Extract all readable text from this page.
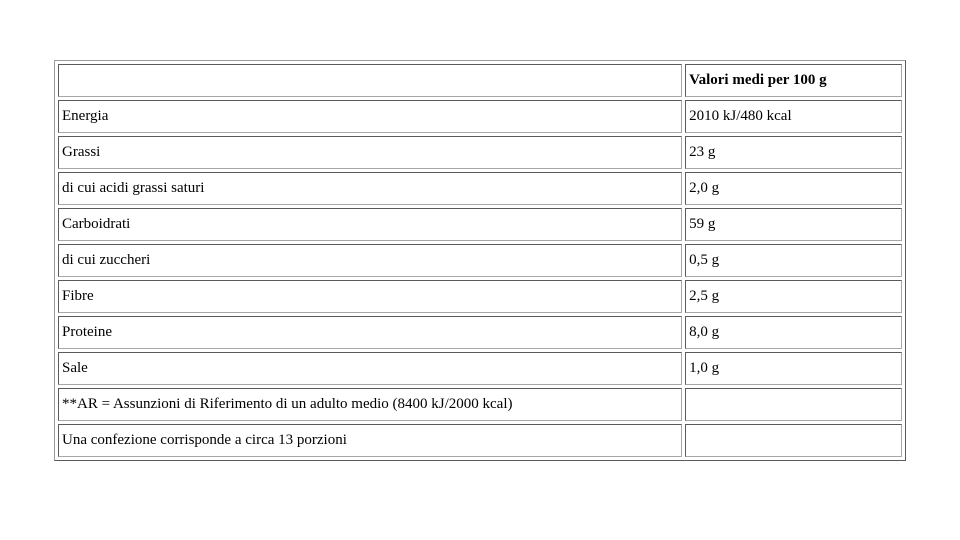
	Valori medi per 100 g
Energia	2010 kJ/480 kcal
Grassi	23 g
di cui acidi grassi saturi	2,0 g
Carboidrati	59 g
di cui zuccheri	0,5 g
Fibre	2,5 g
Proteine	8,0 g
Sale	1,0 g
**AR = Assunzioni di Riferimento di un adulto medio (8400 kJ/2000 kcal)	
Una confezione corrisponde a circa 13 porzioni	
